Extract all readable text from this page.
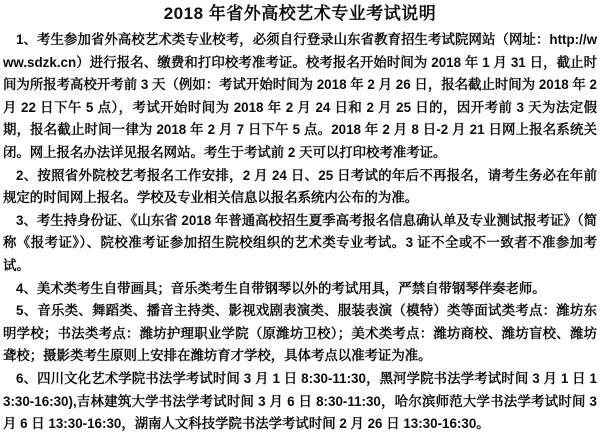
2018 年省外高校艺术专业考试说明

1、考生参加省外高校艺术类专业校考，必须自行登录山东省教育招生考试院网站（网址：http://www.sdzk.cn）进行报名、缴费和打印校考准考证。校考报名开始时间为 2018 年 1 月 31 日，截止时间为所报考高校开考前 3 天（例如：考试开始时间为 2018 年 2 月 26 日，报名截止时间为 2018 年 2 月 22 日下午 5 点），考试开始时间为 2018 年 2 月 24 日和 2 月 25 日的，因开考前 3 天为法定假期，报名截止时间一律为 2018 年 2 月 7 日下午 5 点。2018 年 2 月 8 日-2 月 21 日网上报名系统关闭。网上报名办法详见报名网站。考生于考试前 2 天可以打印校考准考证。

2、按照省外院校艺考报名工作安排，2 月 24 日、25 日考试的年后不再报名，请考生务必在年前规定的时间网上报名。学校及专业相关信息以报名系统内公布的为准。

3、考生持身份证、《山东省 2018 年普通高校招生夏季高考报名信息确认单及专业测试报考证》（简称《报考证》）、院校准考证参加招生院校组织的艺术类专业考试。3 证不全或不一致者不准参加考试。

4、美术类考生自带画具；音乐类考生自带钢琴以外的考试用具，严禁自带钢琴伴奏老师。

5、音乐类、舞蹈类、播音主持类、影视戏剧表演类、服装表演（模特）类等面试类考点：潍坊东明学校；书法类考点：潍坊护理职业学院（原潍坊卫校）；美术类考点：潍坊商校、潍坊盲校、潍坊聋校；摄影类考生原则上安排在潍坊育才学校，具体考点以准考证为准。

6、四川文化艺术学院书法学考试时间 3 月 1 日 8:30-11:30，黑河学院书法学考试时间 3 月 1 日 13:30-16:30),吉林建筑大学书法学考试时间 3 月 6 日 8:30-11:30，哈尔滨师范大学书法学考试时间 3 月 6 日 13:30-16:30，湖南人文科技学院书法学考试时间 2 月 26 日 13:30-16:30。
